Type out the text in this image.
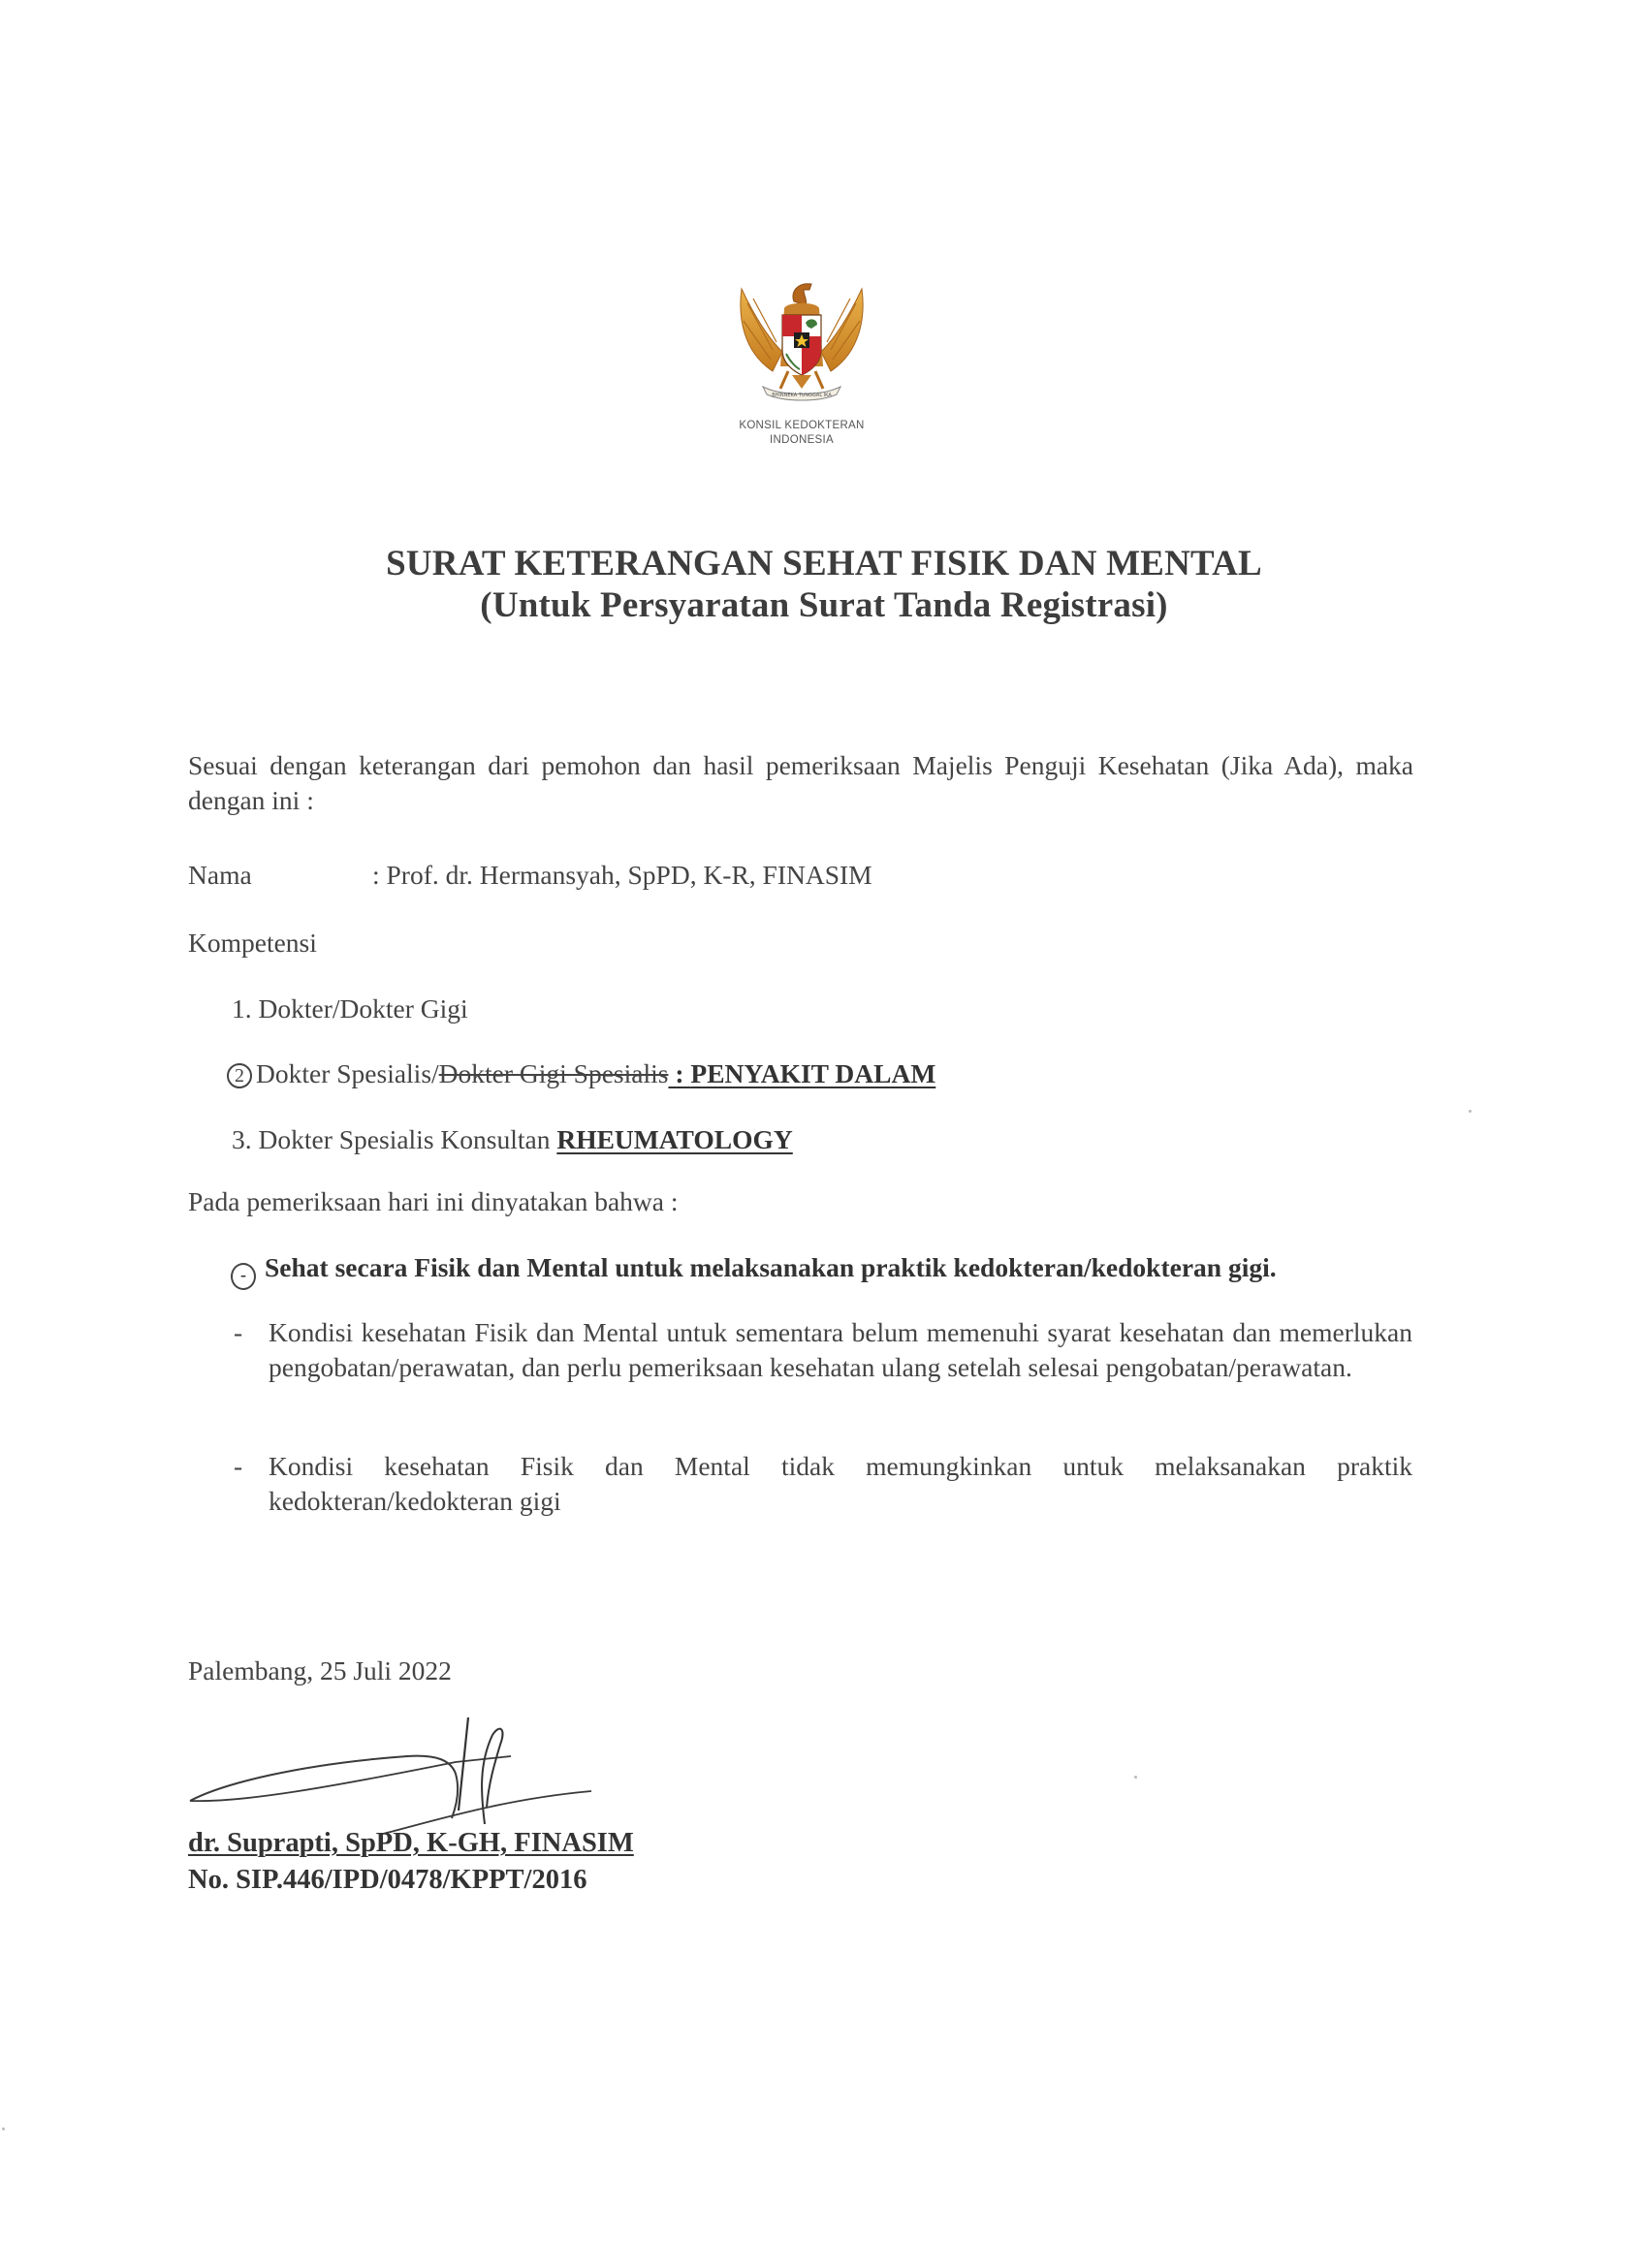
BHINNEKA TUNGGAL IKA
KONSIL KEDOKTERAN
INDONESIA
SURAT KETERANGAN SEHAT FISIK DAN MENTAL
(Untuk Persyaratan Surat Tanda Registrasi)
Sesuai dengan keterangan dari pemohon dan hasil pemeriksaan Majelis Penguji Kesehatan (Jika Ada), maka dengan ini :
Nama	: Prof. dr. Hermansyah, SpPD, K-R, FINASIM
Kompetensi
1. Dokter/Dokter Gigi
2 Dokter Spesialis/Dokter Gigi Spesialis : PENYAKIT DALAM
3. Dokter Spesialis Konsultan RHEUMATOLOGY
Pada pemeriksaan hari ini dinyatakan bahwa :
- Sehat secara Fisik dan Mental untuk melaksanakan praktik kedokteran/kedokteran gigi.
- Kondisi kesehatan Fisik dan Mental untuk sementara belum memenuhi syarat kesehatan dan memerlukan pengobatan/perawatan, dan perlu pemeriksaan kesehatan ulang setelah selesai pengobatan/perawatan.
- Kondisi kesehatan Fisik dan Mental tidak memungkinkan untuk melaksanakan praktik kedokteran/kedokteran gigi
Palembang, 25 Juli 2022
dr. Suprapti, SpPD, K-GH, FINASIM
No. SIP.446/IPD/0478/KPPT/2016
